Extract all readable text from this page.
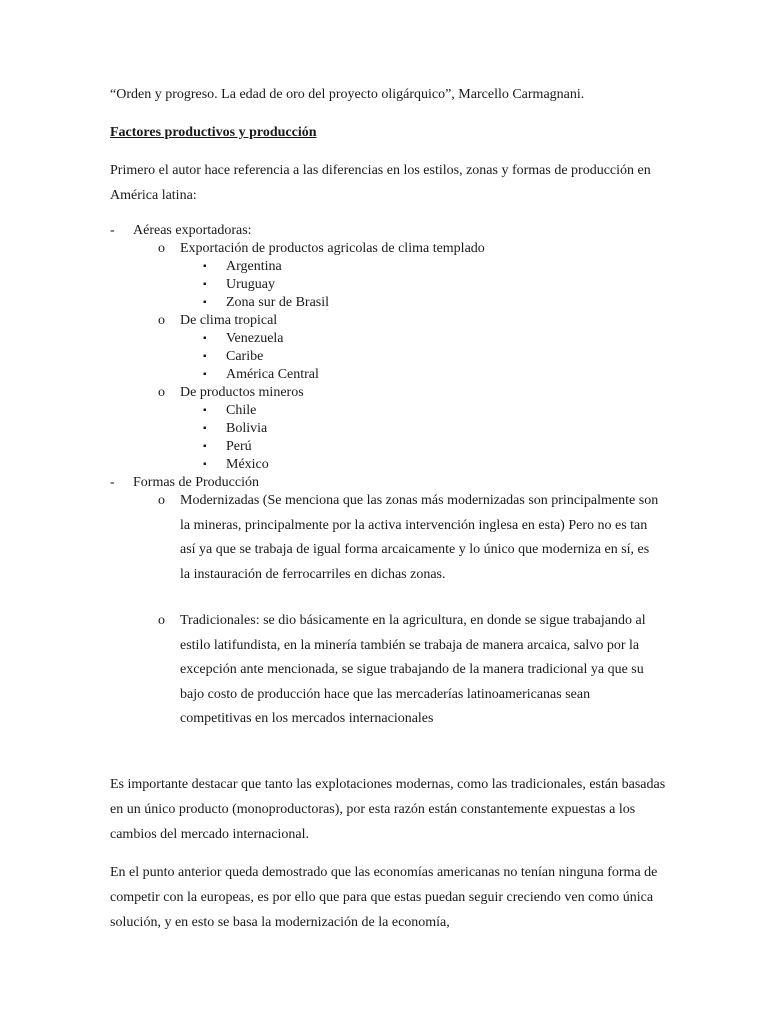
“Orden y progreso. La edad de oro del proyecto oligárquico”, Marcello Carmagnani.
Factores productivos y producción
Primero el autor hace referencia a las diferencias en los estilos, zonas y formas de producción en América latina:
- Aéreas exportadoras:
o Exportación de productos agricolas de clima templado
▪ Argentina
▪ Uruguay
▪ Zona sur de Brasil
o De clima tropical
▪ Venezuela
▪ Caribe
▪ América Central
o De productos mineros
▪ Chile
▪ Bolivia
▪ Perú
▪ México
- Formas de Producción
o Modernizadas (Se menciona que las zonas más modernizadas son principalmente son la mineras, principalmente por la activa intervención inglesa en esta) Pero no es tan así ya que se trabaja de igual forma arcaicamente y lo único que moderniza en sí, es la instauración de ferrocarriles en dichas zonas.
o Tradicionales: se dio básicamente en la agricultura, en donde se sigue trabajando al estilo latifundista, en la minería también se trabaja de manera arcaica, salvo por la excepción ante mencionada, se sigue trabajando de la manera tradicional ya que su bajo costo de producción hace que las mercaderías latinoamericanas sean competitivas en los mercados internacionales
Es importante destacar que tanto las explotaciones modernas, como las tradicionales, están basadas en un único producto (monoproductoras), por esta razón están constantemente expuestas a los cambios del mercado internacional.
En el punto anterior queda demostrado que las economías americanas no tenían ninguna forma de competir con la europeas, es por ello que para que estas puedan seguir creciendo ven como única solución, y en esto se basa la modernización de la economía,
